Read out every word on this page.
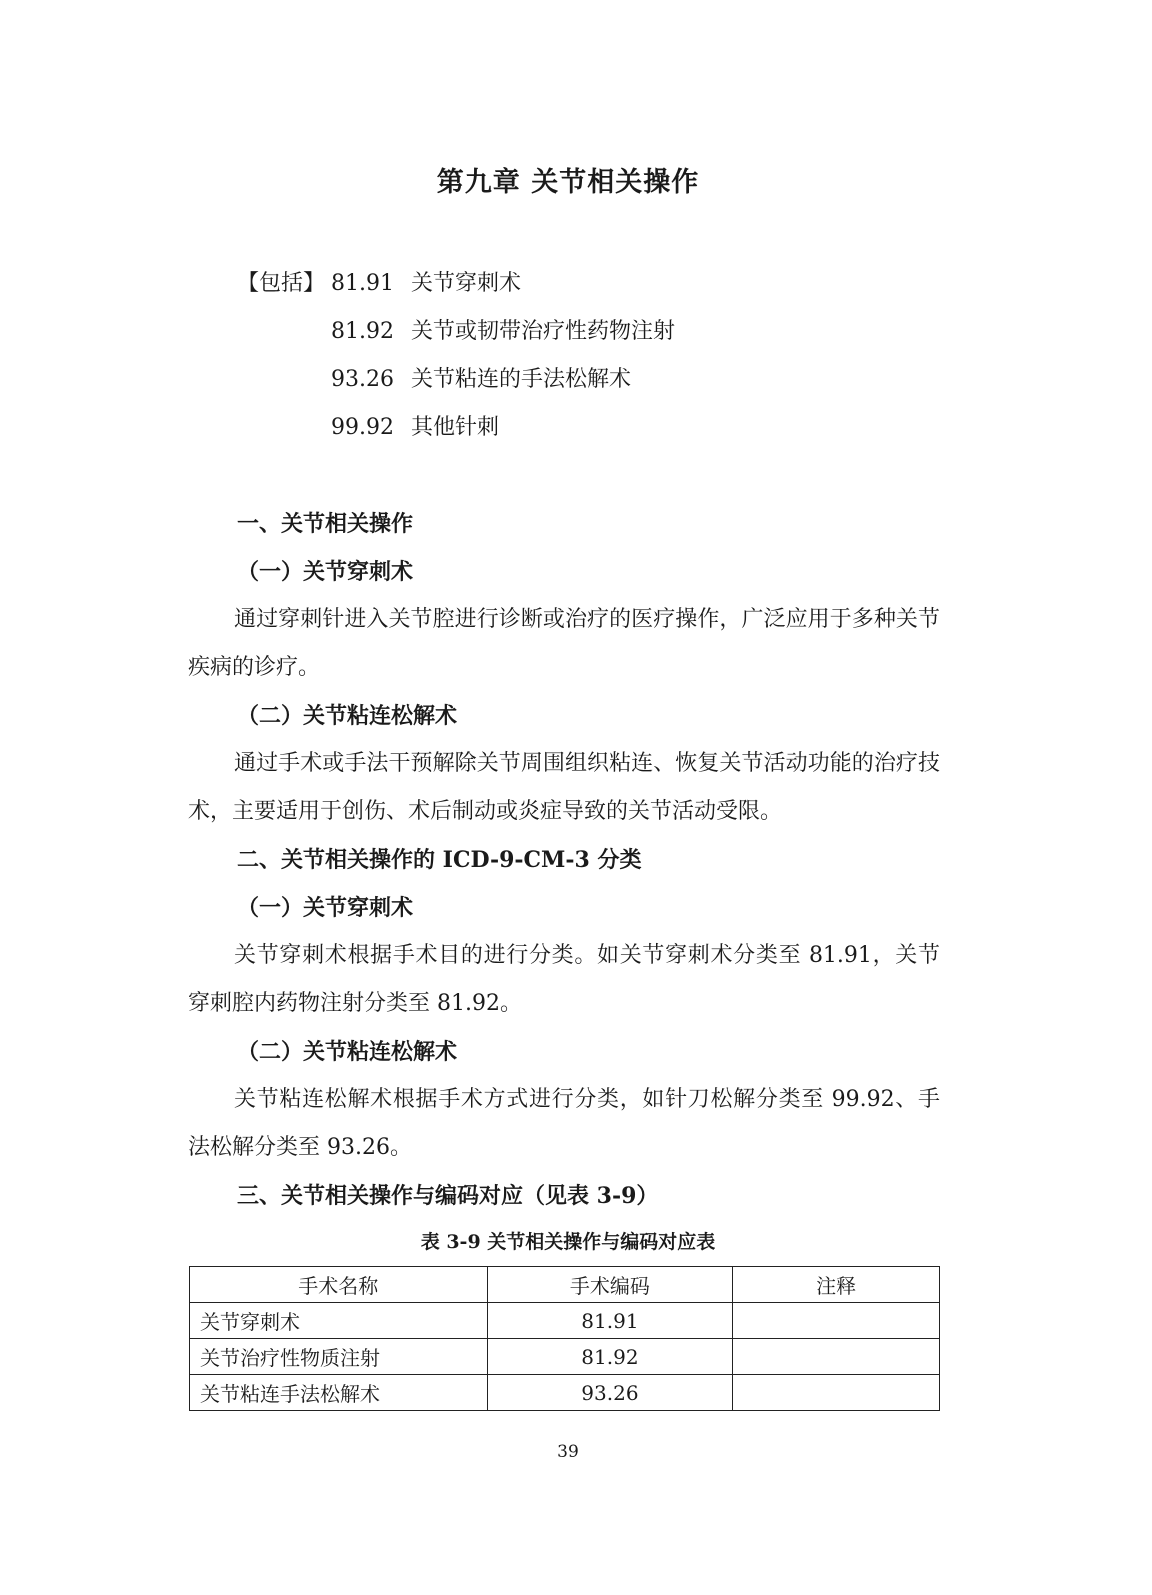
第九章 关节相关操作
【包括】 81.91 关节穿刺术
81.92 关节或韧带治疗性药物注射
93.26 关节粘连的手法松解术
99.92 其他针刺
一、关节相关操作
（一）关节穿刺术

通过穿刺针进入关节腔进行诊断或治疗的医疗操作，广泛应用于多种关节疾病的诊疗。

（二）关节粘连松解术

通过手术或手法干预解除关节周围组织粘连、恢复关节活动功能的治疗技术，主要适用于创伤、术后制动或炎症导致的关节活动受限。

二、关节相关操作的 ICD-9-CM-3 分类
（一）关节穿刺术

关节穿刺术根据手术目的进行分类。如关节穿刺术分类至 81.91，关节穿刺腔内药物注射分类至 81.92。

（二）关节粘连松解术

关节粘连松解术根据手术方式进行分类，如针刀松解分类至 99.92、手法松解分类至 93.26。

三、关节相关操作与编码对应（见表 3-9）

表 3-9 关节相关操作与编码对应表

手术名称	手术编码	注释
关节穿刺术	81.91	
关节治疗性物质注射	81.92	
关节粘连手法松解术	93.26	

39
